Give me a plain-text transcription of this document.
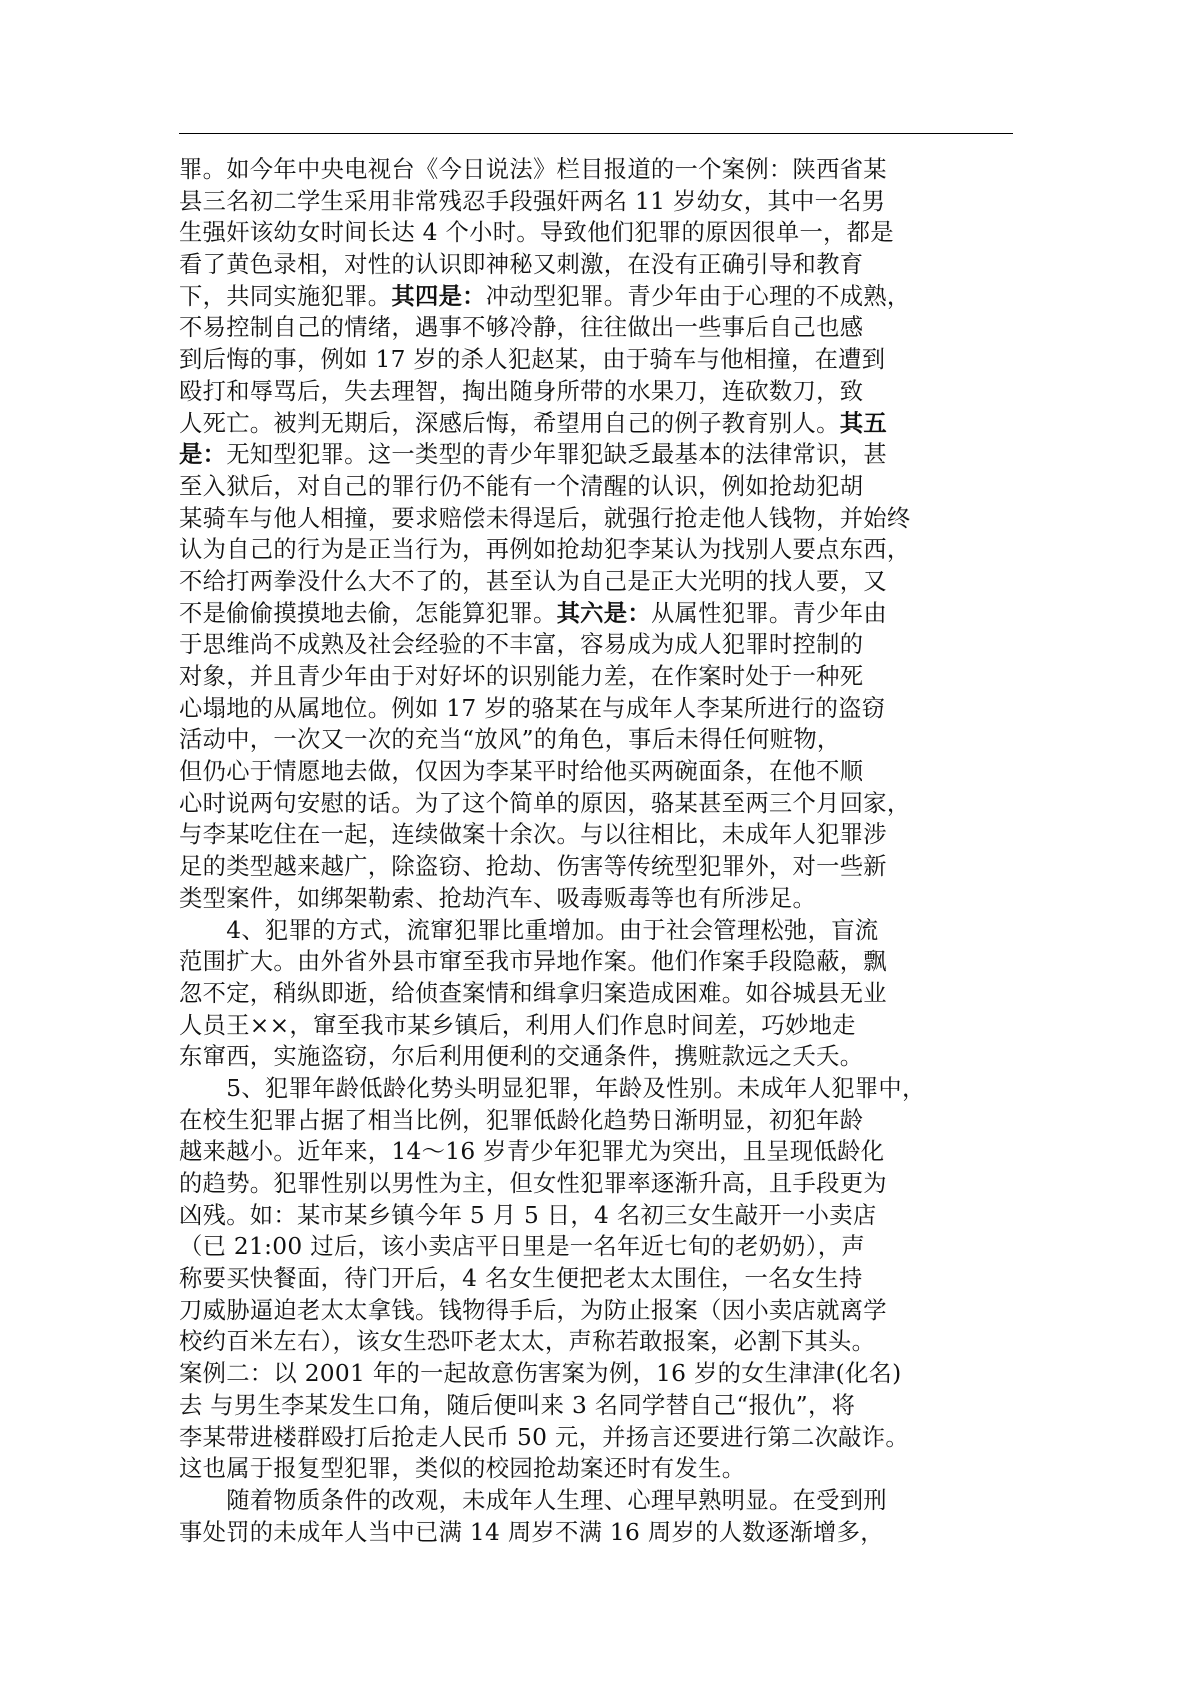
罪。如今年中央电视台《今日说法》栏目报道的一个案例：陕西省某
县三名初二学生采用非常残忍手段强奸两名 11 岁幼女，其中一名男
生强奸该幼女时间长达 4 个小时。导致他们犯罪的原因很单一，都是
看了黄色录相，对性的认识即神秘又刺激，在没有正确引导和教育
下，共同实施犯罪。其四是：冲动型犯罪。青少年由于心理的不成熟，
不易控制自己的情绪，遇事不够冷静，往往做出一些事后自己也感
到后悔的事，例如 17 岁的杀人犯赵某，由于骑车与他相撞，在遭到
殴打和辱骂后，失去理智，掏出随身所带的水果刀，连砍数刀，致
人死亡。被判无期后，深感后悔，希望用自己的例子教育别人。其五
是：无知型犯罪。这一类型的青少年罪犯缺乏最基本的法律常识，甚
至入狱后，对自己的罪行仍不能有一个清醒的认识，例如抢劫犯胡
某骑车与他人相撞，要求赔偿未得逞后，就强行抢走他人钱物，并始终
认为自己的行为是正当行为，再例如抢劫犯李某认为找别人要点东西，
不给打两拳没什么大不了的，甚至认为自己是正大光明的找人要，又
不是偷偷摸摸地去偷，怎能算犯罪。其六是：从属性犯罪。青少年由
于思维尚不成熟及社会经验的不丰富，容易成为成人犯罪时控制的
对象，并且青少年由于对好坏的识别能力差，在作案时处于一种死
心塌地的从属地位。例如 17 岁的骆某在与成年人李某所进行的盗窃
活动中，一次又一次的充当“放风”的角色，事后未得任何赃物，
但仍心于情愿地去做，仅因为李某平时给他买两碗面条，在他不顺
心时说两句安慰的话。为了这个简单的原因，骆某甚至两三个月回家，
与李某吃住在一起，连续做案十余次。与以往相比，未成年人犯罪涉
足的类型越来越广，除盗窃、抢劫、伤害等传统型犯罪外，对一些新
类型案件，如绑架勒索、抢劫汽车、吸毒贩毒等也有所涉足。
　　4、犯罪的方式，流窜犯罪比重增加。由于社会管理松弛，盲流
范围扩大。由外省外县市窜至我市异地作案。他们作案手段隐蔽，飘
忽不定，稍纵即逝，给侦查案情和缉拿归案造成困难。如谷城县无业
人员王××，窜至我市某乡镇后，利用人们作息时间差，巧妙地走
东窜西，实施盗窃，尔后利用便利的交通条件，携赃款远之夭夭。
　　5、犯罪年龄低龄化势头明显犯罪，年龄及性别。未成年人犯罪中，
在校生犯罪占据了相当比例，犯罪低龄化趋势日渐明显，初犯年龄
越来越小。近年来，14～16 岁青少年犯罪尤为突出，且呈现低龄化
的趋势。犯罪性别以男性为主，但女性犯罪率逐渐升高，且手段更为
凶残。如：某市某乡镇今年 5 月 5 日，4 名初三女生敲开一小卖店
（已 21:00 过后，该小卖店平日里是一名年近七旬的老奶奶），声
称要买快餐面，待门开后，4 名女生便把老太太围住，一名女生持
刀威胁逼迫老太太拿钱。钱物得手后，为防止报案（因小卖店就离学
校约百米左右），该女生恐吓老太太，声称若敢报案，必割下其头。
案例二：以 2001 年的一起故意伤害案为例，16 岁的女生津津(化名)
去 与男生李某发生口角，随后便叫来 3 名同学替自己“报仇”，将
李某带进楼群殴打后抢走人民币 50 元，并扬言还要进行第二次敲诈。
这也属于报复型犯罪，类似的校园抢劫案还时有发生。
　　随着物质条件的改观，未成年人生理、心理早熟明显。在受到刑
事处罚的未成年人当中已满 14 周岁不满 16 周岁的人数逐渐增多，
